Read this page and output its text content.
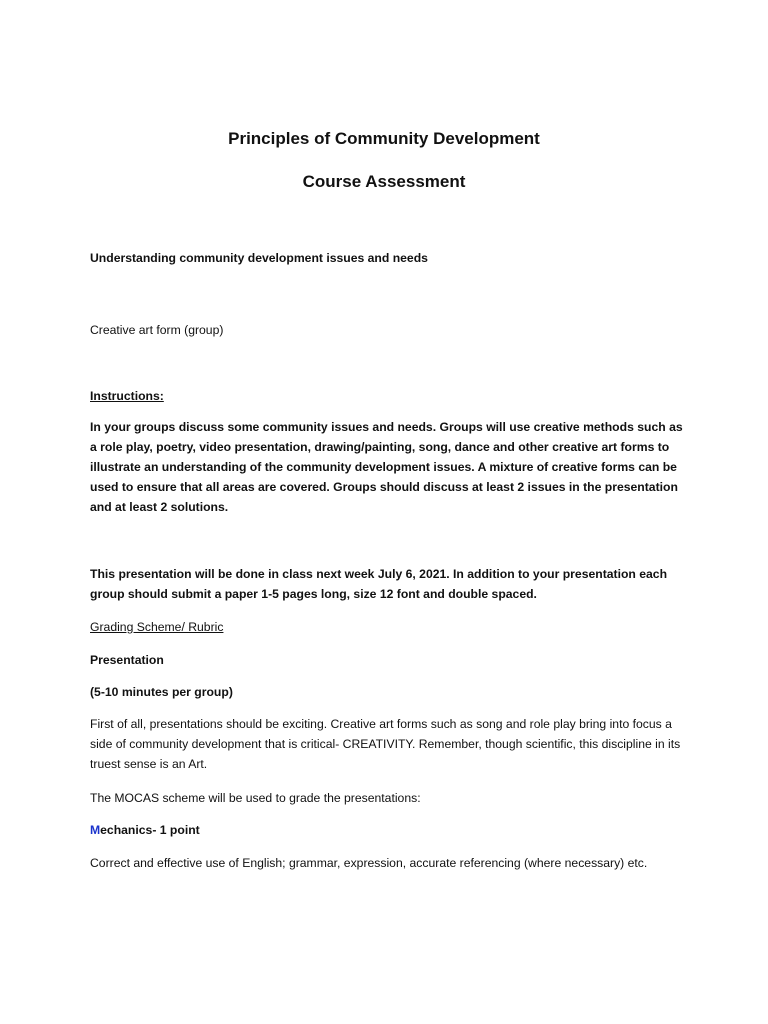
Principles of Community Development
Course Assessment

Understanding community development issues and needs

Creative art form (group)

Instructions:

In your groups discuss some community issues and needs. Groups will use creative methods such as a role play, poetry, video presentation, drawing/painting, song, dance and other creative art forms to illustrate an understanding of the community development issues. A mixture of creative forms can be used to ensure that all areas are covered. Groups should discuss at least 2 issues in the presentation and at least 2 solutions.

This presentation will be done in class next week July 6, 2021. In addition to your presentation each group should submit a paper 1-5 pages long, size 12 font and double spaced.

Grading Scheme/ Rubric

Presentation

(5-10 minutes per group)

First of all, presentations should be exciting. Creative art forms such as song and role play bring into focus a side of community development that is critical- CREATIVITY. Remember, though scientific, this discipline in its truest sense is an Art.

The MOCAS scheme will be used to grade the presentations:

Mechanics- 1 point

Correct and effective use of English; grammar, expression, accurate referencing (where necessary) etc.
